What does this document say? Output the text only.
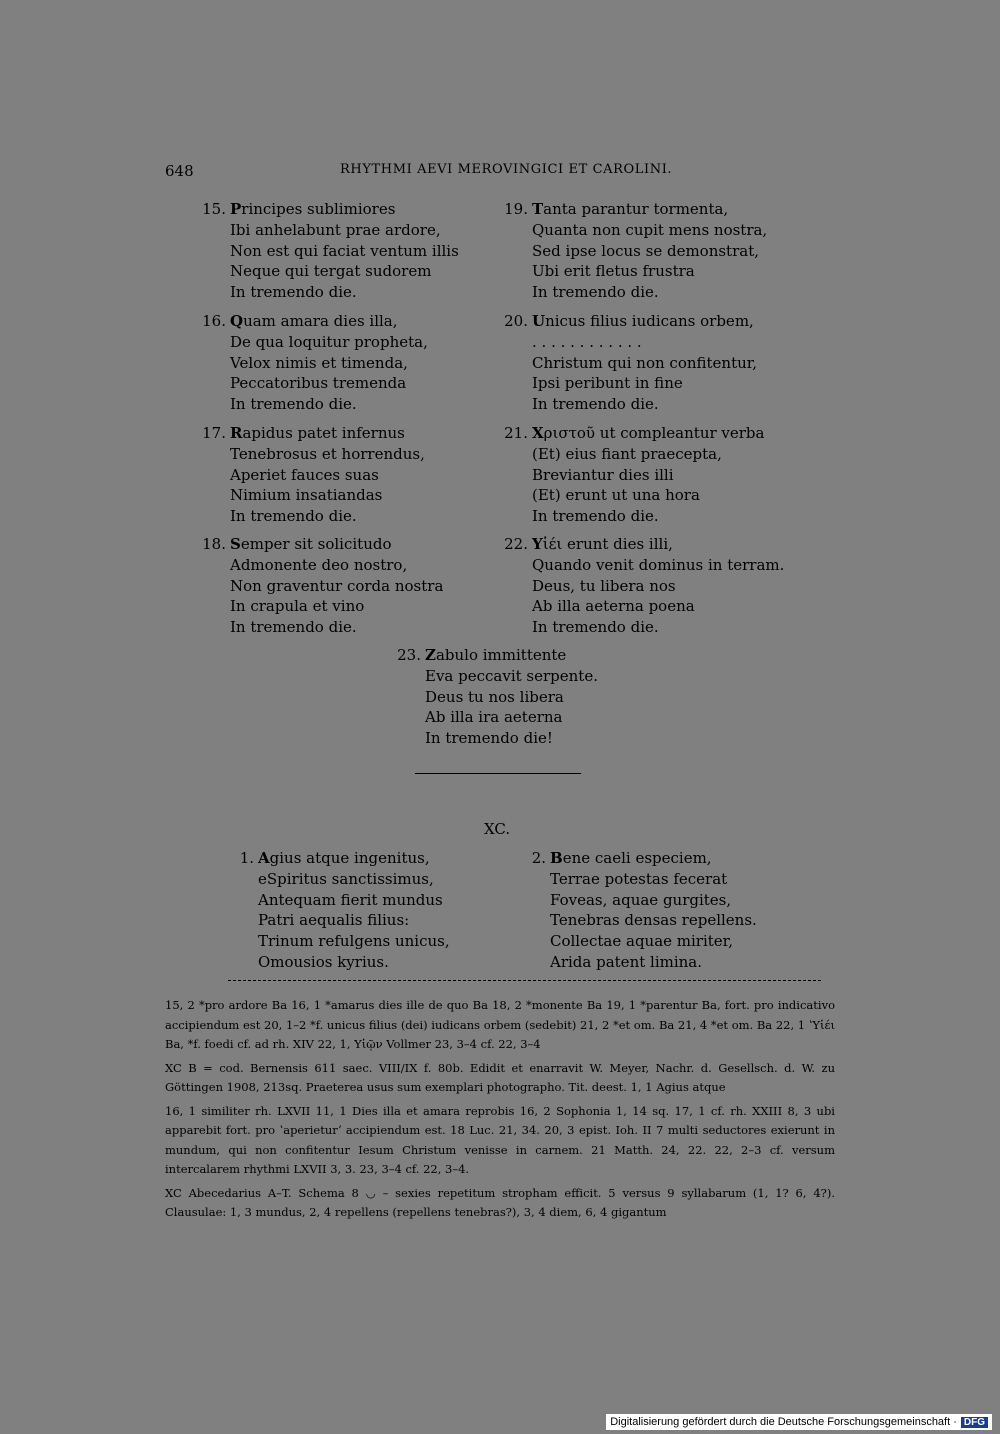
648	RHYTHMI AEVI MEROVINGICI ET CAROLINI.
15. Principes sublimiores
Ibi anhelabunt prae ardore,
Non est qui faciat ventum illis
Neque qui tergat sudorem
In tremendo die.
19. Tanta parantur tormenta,
Quanta non cupit mens nostra,
Sed ipse locus se demonstrat,
Ubi erit fletus frustra
In tremendo die.
16. Quam amara dies illa,
De qua loquitur propheta,
Velox nimis et timenda,
Peccatoribus tremenda
In tremendo die.
20. Unicus filius iudicans orbem,
. . . . . . . . . . . .
Christum qui non confitentur,
Ipsi peribunt in fine
In tremendo die.
17. Rapidus patet infernus
Tenebrosus et horrendus,
Aperiet fauces suas
Nimium insatiandas
In tremendo die.
21. Χριστοῦ ut compleantur verba
(Et) eius fiant praecepta,
Breviantur dies illi
(Et) erunt ut una hora
In tremendo die.
18. Semper sit solicitudo
Admonente deo nostro,
Non graventur corda nostra
In crapula et vino
In tremendo die.
22. Υἱέι erunt dies illi,
Quando venit dominus in terram.
Deus, tu libera nos
Ab illa aeterna poena
In tremendo die.
23. Zabulo immittente
Eva peccavit serpente.
Deus tu nos libera
Ab illa ira aeterna
In tremendo die!
XC.
1. Agius atque ingenitus,
eSpiritus sanctissimus,
Antequam fierit mundus
Patri aequalis filius:
Trinum refulgens unicus,
Omousios kyrius.
2. Bene caeli especiem,
Terrae potestas fecerat
Foveas, aquae gurgites,
Tenebras densas repellens.
Collectae aquae miriter,
Arida patent limina.

15, 2 *pro ardore Ba 16, 1 *amarus dies ille de quo Ba 18, 2 *monente Ba 19, 1 *parentur Ba, fort. pro indicativo accipiendum est 20, 1–2 *f. unicus filius (dei) iudicans orbem (sedebit) 21, 2 *et om. Ba 21, 4 *et om. Ba 22, 1 ʽΥἱέι Ba, *f. foedi cf. ad rh. XIV 22, 1, Υἱῷν Vollmer 23, 3–4 cf. 22, 3–4

XC B = cod. Bernensis 611 saec. VIII/IX f. 80b. Edidit et enarravit W. Meyer, Nachr. d. Gesellsch. d. W. zu Göttingen 1908, 213sq. Praeterea usus sum exemplari photographo. Tit. deest. 1, 1 Agius atque

16, 1 similiter rh. LXVII 11, 1 Dies illa et amara reprobis 16, 2 Sophonia 1, 14 sq. 17, 1 cf. rh. XXIII 8, 3 ubi apparebit fort. pro ʽaperieturʼ accipiendum est. 18 Luc. 21, 34. 20, 3 epist. Ioh. II 7 multi seductores exierunt in mundum, qui non confitentur Iesum Christum venisse in carnem. 21 Matth. 24, 22. 22, 2–3 cf. versum intercalarem rhythmi LXVII 3, 3. 23, 3–4 cf. 22, 3–4.

XC Abecedarius A–T. Schema 8 ◡ – sexies repetitum stropham efficit. 5 versus 9 syllabarum (1, 1? 6, 4?). Clausulae: 1, 3 mundus, 2, 4 repellens (repellens tenebras?), 3, 4 diem, 6, 4 gigantum

Digitalisierung gefördert durch die Deutsche Forschungsgemeinschaft · DFG
